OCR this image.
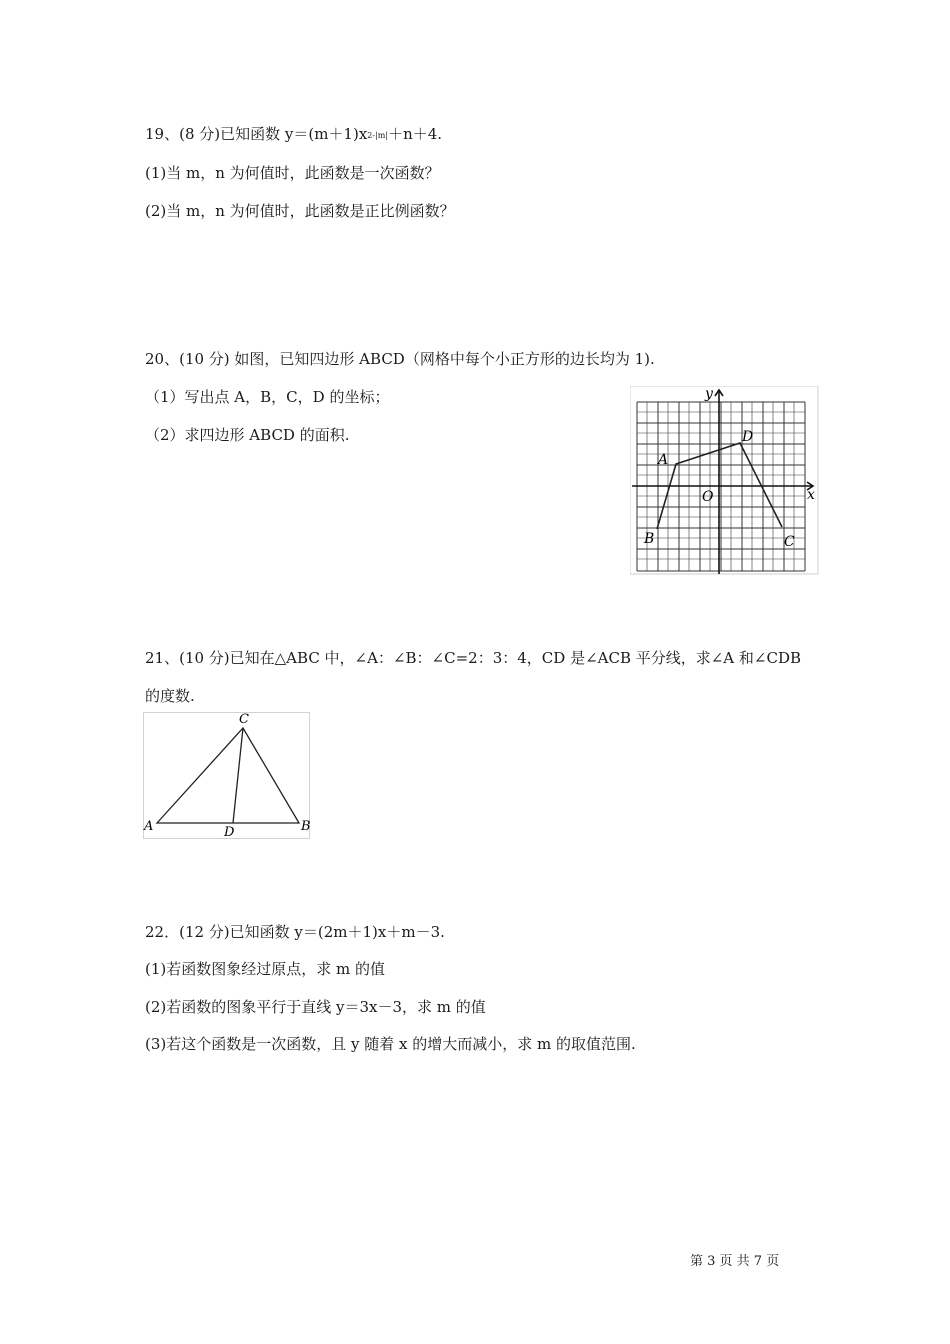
19、(8 分)已知函数 y＝(m＋1)x2-|m|＋n＋4.
(1)当 m，n 为何值时，此函数是一次函数？
(2)当 m，n 为何值时，此函数是正比例函数？
20、(10 分) 如图，已知四边形 ABCD（网格中每个小正方形的边长均为 1).
（1）写出点 A，B，C，D 的坐标；
（2）求四边形 ABCD 的面积.
x
y
O
A
B	C
D
21、(10 分)已知在△ABC 中，∠A：∠B：∠C=2：3：4，CD 是∠ACB 平分线，求∠A 和∠CDB
的度数.
C
A	B
D
22．(12 分)已知函数 y＝(2m＋1)x＋m－3.
(1)若函数图象经过原点，求 m 的值
(2)若函数的图象平行于直线 y＝3x－3，求 m 的值
(3)若这个函数是一次函数，且 y 随着 x 的增大而减小，求 m 的取值范围.
第 3 页 共 7 页
